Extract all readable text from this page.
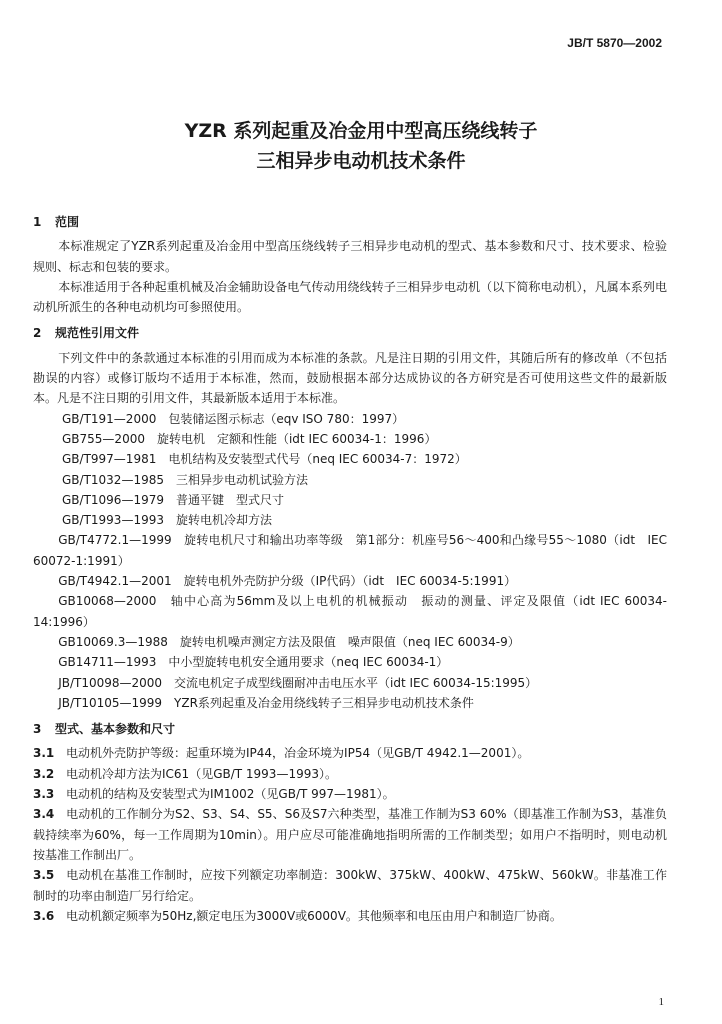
JB/T 5870—2002
YZR 系列起重及冶金用中型高压绕线转子
三相异步电动机技术条件

1 范围

本标准规定了YZR系列起重及冶金用中型高压绕线转子三相异步电动机的型式、基本参数和尺寸、技术要求、检验规则、标志和包装的要求。

本标准适用于各种起重机械及冶金辅助设备电气传动用绕线转子三相异步电动机（以下简称电动机），凡属本系列电动机所派生的各种电动机均可参照使用。

2 规范性引用文件

下列文件中的条款通过本标准的引用而成为本标准的条款。凡是注日期的引用文件，其随后所有的修改单（不包括勘误的内容）或修订版均不适用于本标准，然而，鼓励根据本部分达成协议的各方研究是否可使用这些文件的最新版本。凡是不注日期的引用文件，其最新版本适用于本标准。

GB/T191—2000　包装储运图示标志（eqv ISO 780：1997）

GB755—2000　旋转电机　定额和性能（idt IEC 60034-1：1996）

GB/T997—1981　电机结构及安装型式代号（neq IEC 60034-7：1972）

GB/T1032—1985　三相异步电动机试验方法

GB/T1096—1979　普通平键　型式尺寸

GB/T1993—1993　旋转电机冷却方法

GB/T4772.1—1999　旋转电机尺寸和输出功率等级　第1部分：机座号56～400和凸缘号55～1080（idt　IEC 60072-1:1991）

GB/T4942.1—2001　旋转电机外壳防护分级（IP代码）（idt　IEC 60034-5:1991）

GB10068—2000　轴中心高为56mm及以上电机的机械振动　振动的测量、评定及限值（idt IEC 60034-14:1996）

GB10069.3—1988　旋转电机噪声测定方法及限值　噪声限值（neq IEC 60034-9）

GB14711—1993　中小型旋转电机安全通用要求（neq IEC 60034-1）

JB/T10098—2000　交流电机定子成型线圈耐冲击电压水平（idt IEC 60034-15:1995）

JB/T10105—1999　YZR系列起重及冶金用绕线转子三相异步电动机技术条件

3 型式、基本参数和尺寸

3.1 电动机外壳防护等级：起重环境为IP44，冶金环境为IP54（见GB/T 4942.1—2001）。

3.2 电动机冷却方法为IC61（见GB/T 1993—1993）。

3.3 电动机的结构及安装型式为IM1002（见GB/T 997—1981）。

3.4 电动机的工作制分为S2、S3、S4、S5、S6及S7六种类型，基准工作制为S3 60%（即基准工作制为S3，基准负载持续率为60%，每一工作周期为10min）。用户应尽可能准确地指明所需的工作制类型；如用户不指明时，则电动机按基准工作制出厂。

3.5 电动机在基准工作制时，应按下列额定功率制造：300kW、375kW、400kW、475kW、560kW。非基准工作制时的功率由制造厂另行给定。

3.6 电动机额定频率为50Hz,额定电压为3000V或6000V。其他频率和电压由用户和制造厂协商。

1
